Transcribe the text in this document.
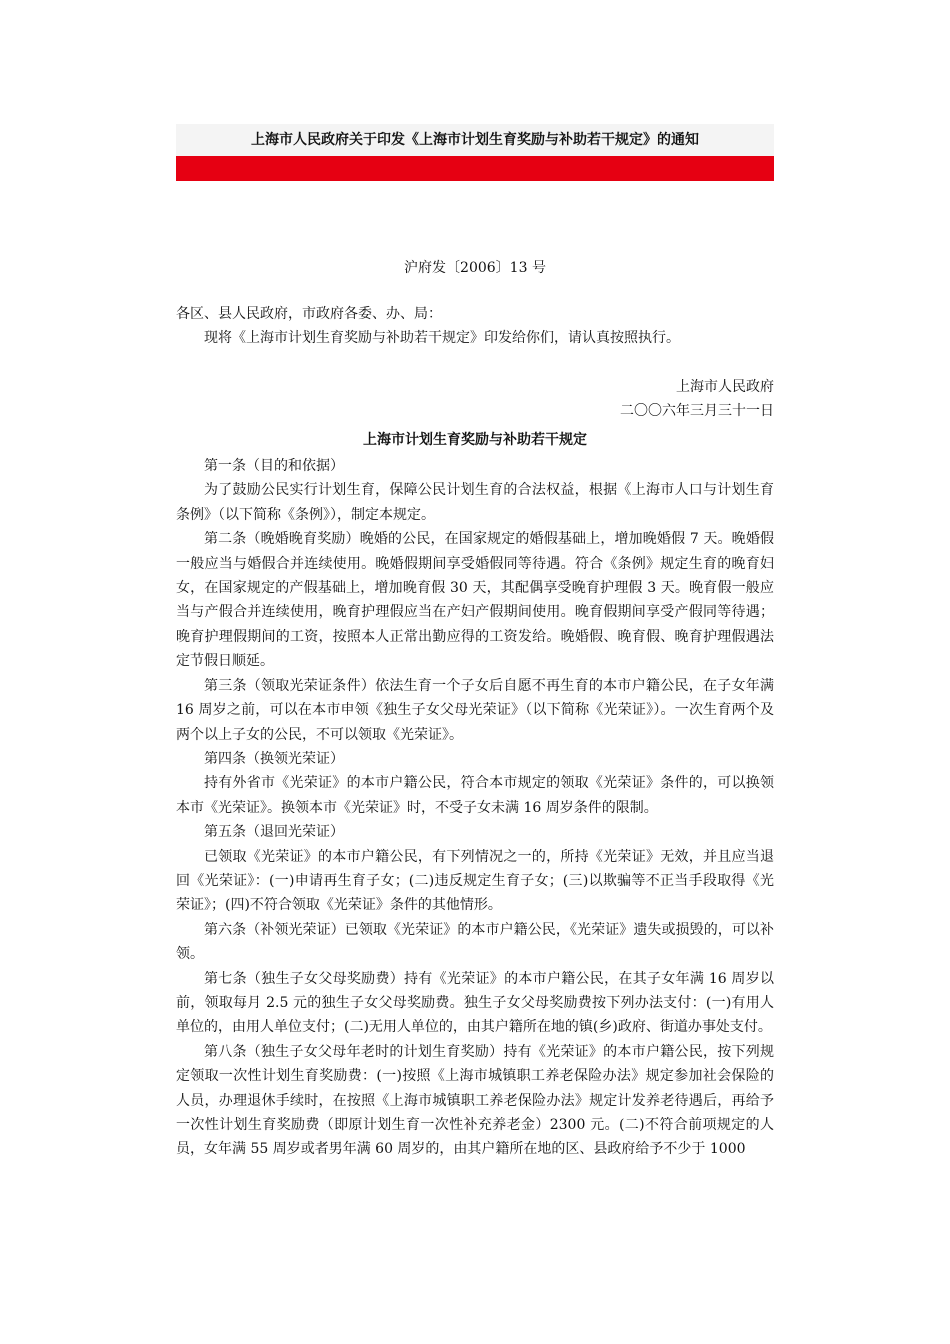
上海市人民政府关于印发《上海市计划生育奖励与补助若干规定》的通知
沪府发〔2006〕13 号

各区、县人民政府，市政府各委、办、局：

现将《上海市计划生育奖励与补助若干规定》印发给你们，请认真按照执行。

上海市人民政府

二〇〇六年三月三十一日

上海市计划生育奖励与补助若干规定

第一条（目的和依据）

为了鼓励公民实行计划生育，保障公民计划生育的合法权益，根据《上海市人口与计划生育条例》（以下简称《条例》），制定本规定。

第二条（晚婚晚育奖励）晚婚的公民，在国家规定的婚假基础上，增加晚婚假 7 天。晚婚假一般应当与婚假合并连续使用。晚婚假期间享受婚假同等待遇。符合《条例》规定生育的晚育妇女，在国家规定的产假基础上，增加晚育假 30 天，其配偶享受晚育护理假 3 天。晚育假一般应当与产假合并连续使用，晚育护理假应当在产妇产假期间使用。晚育假期间享受产假同等待遇；晚育护理假期间的工资，按照本人正常出勤应得的工资发给。晚婚假、晚育假、晚育护理假遇法定节假日顺延。

第三条（领取光荣证条件）依法生育一个子女后自愿不再生育的本市户籍公民，在子女年满 16 周岁之前，可以在本市申领《独生子女父母光荣证》（以下简称《光荣证》）。一次生育两个及两个以上子女的公民，不可以领取《光荣证》。

第四条（换领光荣证）

持有外省市《光荣证》的本市户籍公民，符合本市规定的领取《光荣证》条件的，可以换领本市《光荣证》。换领本市《光荣证》时，不受子女未满 16 周岁条件的限制。

第五条（退回光荣证）

已领取《光荣证》的本市户籍公民，有下列情况之一的，所持《光荣证》无效，并且应当退回《光荣证》：(一)申请再生育子女；(二)违反规定生育子女；(三)以欺骗等不正当手段取得《光荣证》；(四)不符合领取《光荣证》条件的其他情形。

第六条（补领光荣证）已领取《光荣证》的本市户籍公民，《光荣证》遗失或损毁的，可以补领。

第七条（独生子女父母奖励费）持有《光荣证》的本市户籍公民，在其子女年满 16 周岁以前，领取每月 2.5 元的独生子女父母奖励费。独生子女父母奖励费按下列办法支付：(一)有用人单位的，由用人单位支付；(二)无用人单位的，由其户籍所在地的镇(乡)政府、街道办事处支付。

第八条（独生子女父母年老时的计划生育奖励）持有《光荣证》的本市户籍公民，按下列规定领取一次性计划生育奖励费：(一)按照《上海市城镇职工养老保险办法》规定参加社会保险的人员，办理退休手续时，在按照《上海市城镇职工养老保险办法》规定计发养老待遇后，再给予一次性计划生育奖励费（即原计划生育一次性补充养老金）2300 元。(二)不符合前项规定的人员，女年满 55 周岁或者男年满 60 周岁的，由其户籍所在地的区、县政府给予不少于 1000
